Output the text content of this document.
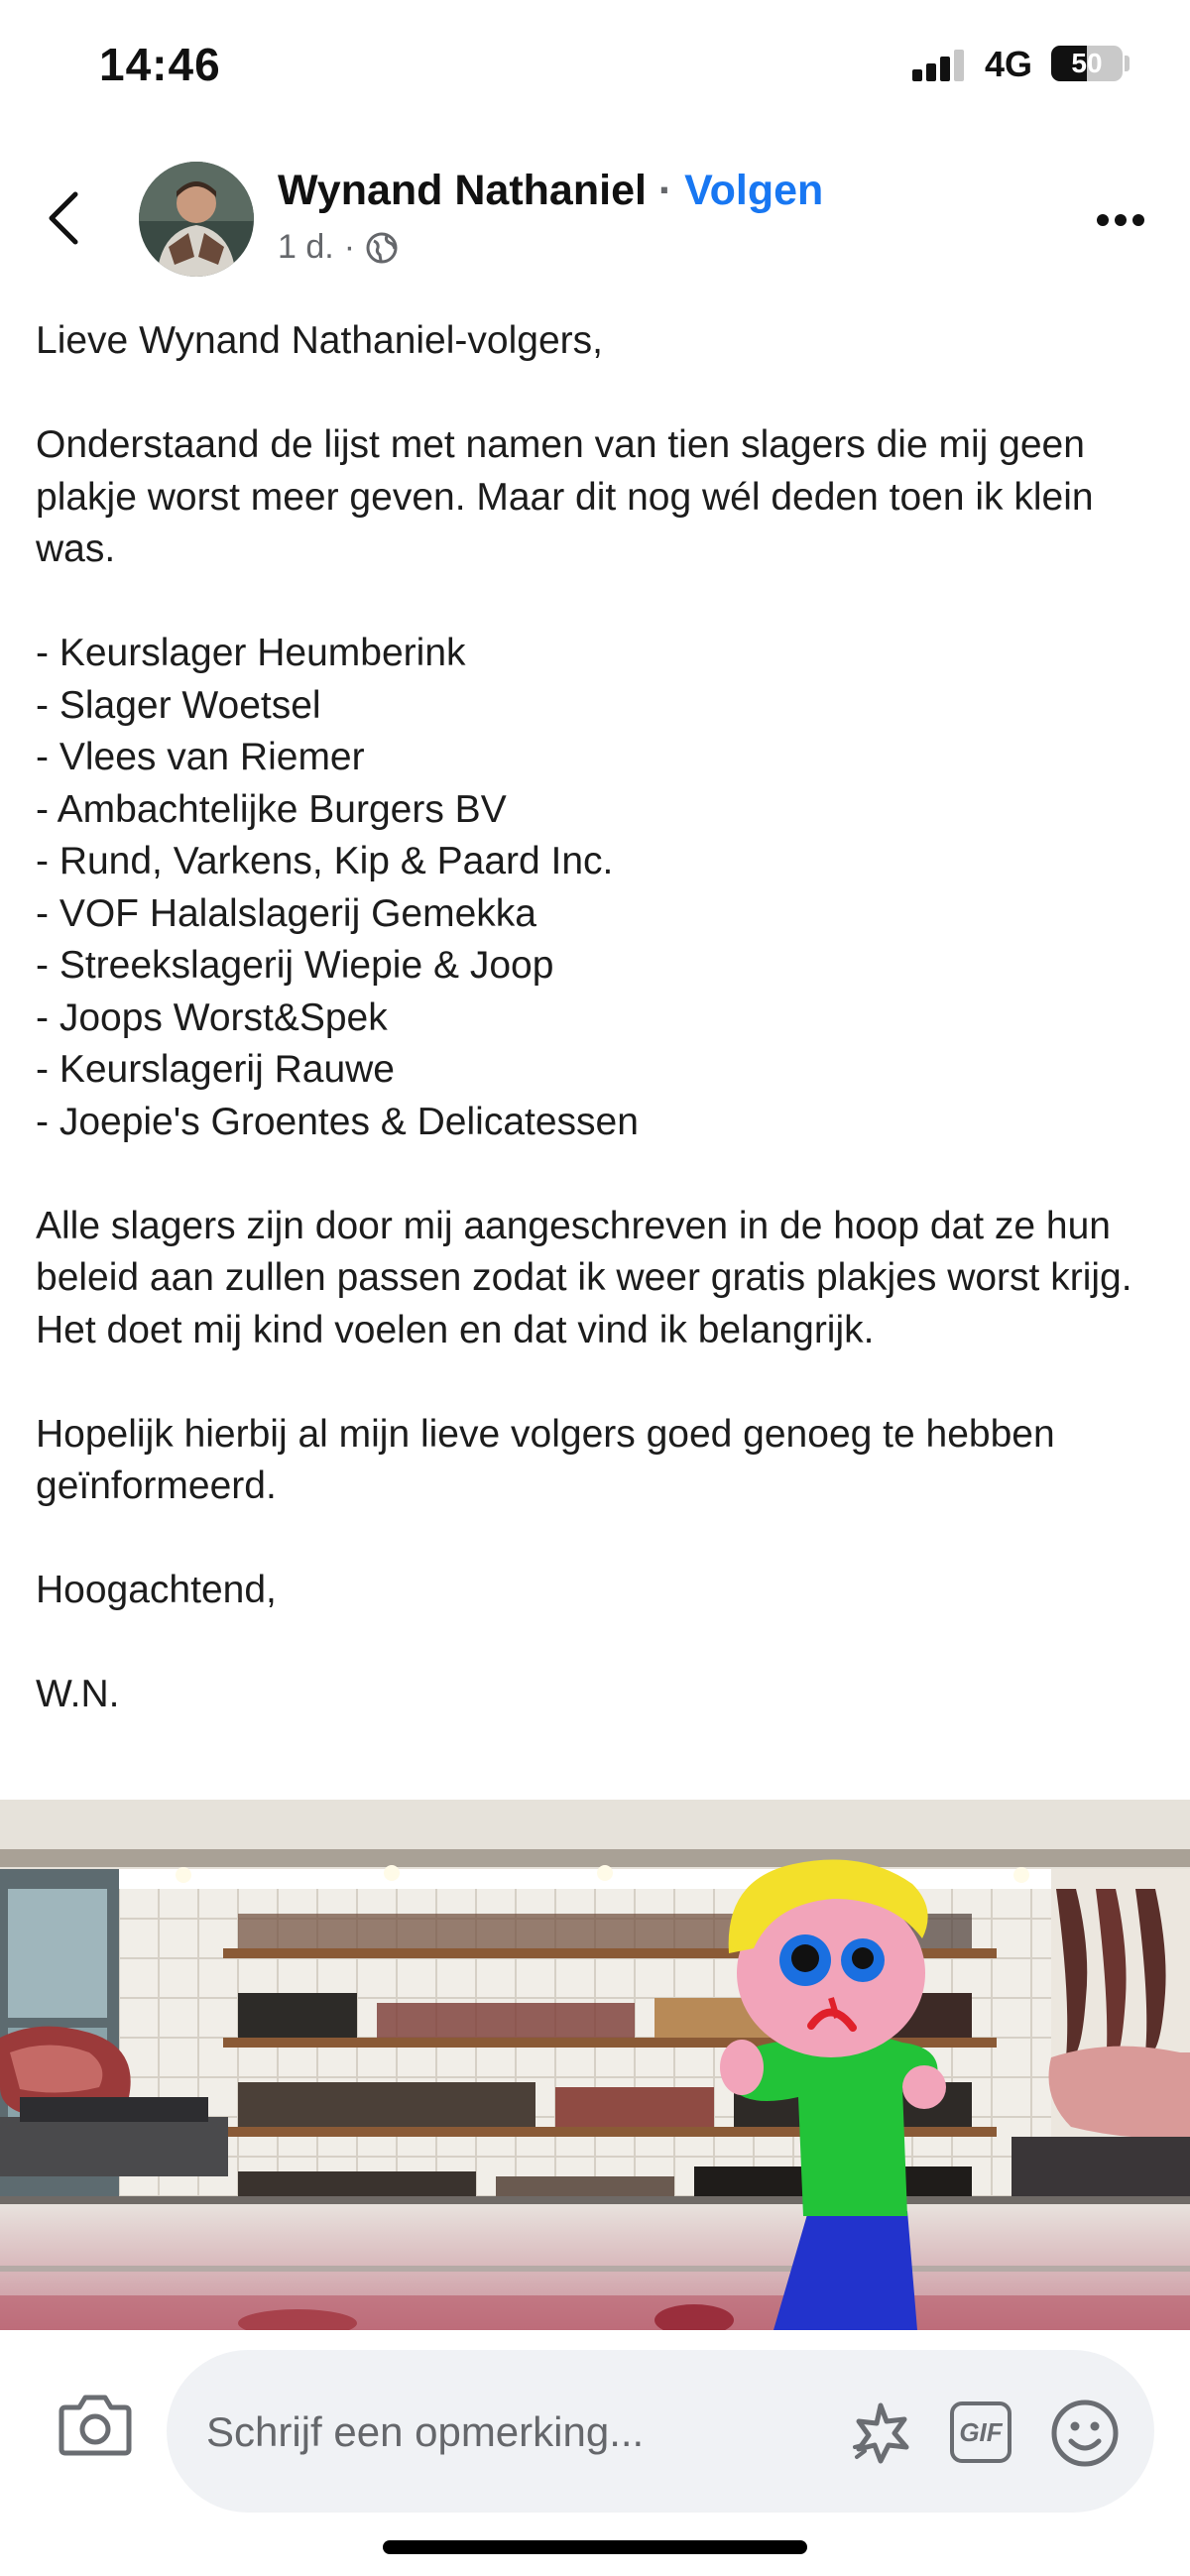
14:46	4G	50
Wynand Nathaniel · Volgen
1 d. ·

Lieve Wynand Nathaniel-volgers,

Onderstaand de lijst met namen van tien slagers die mij geen plakje worst meer geven. Maar dit nog wél deden toen ik klein was.

- Keurslager Heumberink
- Slager Woetsel
- Vlees van Riemer
- Ambachtelijke Burgers BV
- Rund, Varkens, Kip & Paard Inc.
- VOF Halalslagerij Gemekka
- Streekslagerij Wiepie & Joop
- Joops Worst&Spek
- Keurslagerij Rauwe
- Joepie's Groentes & Delicatessen

Alle slagers zijn door mij aangeschreven in de hoop dat ze hun beleid aan zullen passen zodat ik weer gratis plakjes worst krijg. Het doet mij kind voelen en dat vind ik belangrijk.

Hopelijk hierbij al mijn lieve volgers goed genoeg te hebben geïnformeerd.

Hoogachtend,

W.N.

Schrijf een opmerking...
GIF
